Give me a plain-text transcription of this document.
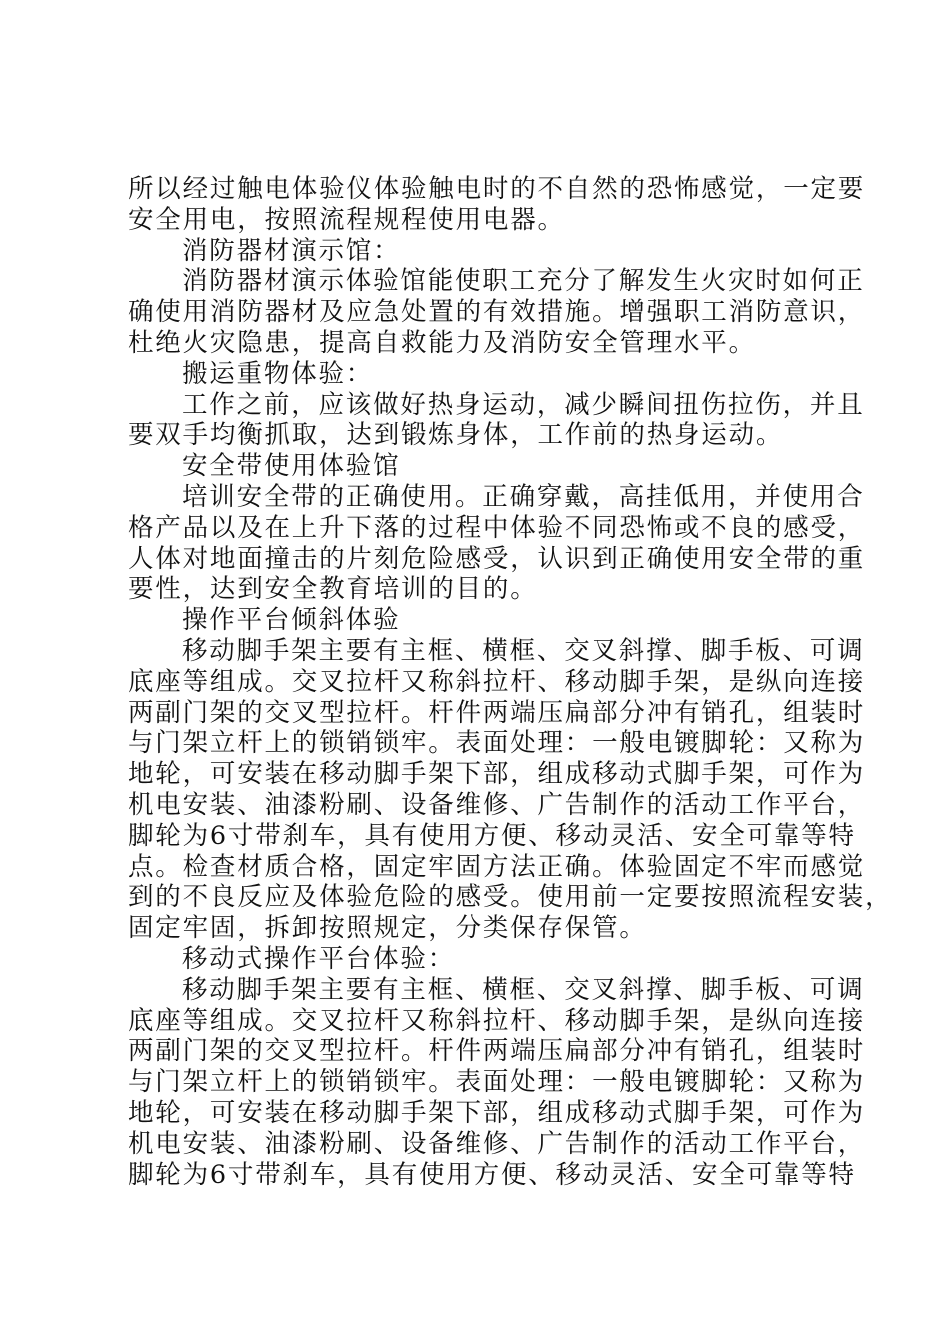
所以经过触电体验仪体验触电时的不自然的恐怖感觉，一定要
安全用电，按照流程规程使用电器。
消防器材演示馆：
消防器材演示体验馆能使职工充分了解发生火灾时如何正
确使用消防器材及应急处置的有效措施。增强职工消防意识，
杜绝火灾隐患，提高自救能力及消防安全管理水平。
搬运重物体验：
工作之前，应该做好热身运动，减少瞬间扭伤拉伤，并且
要双手均衡抓取，达到锻炼身体，工作前的热身运动。
安全带使用体验馆
培训安全带的正确使用。正确穿戴，高挂低用，并使用合
格产品以及在上升下落的过程中体验不同恐怖或不良的感受，
人体对地面撞击的片刻危险感受，认识到正确使用安全带的重
要性，达到安全教育培训的目的。
操作平台倾斜体验
移动脚手架主要有主框、横框、交叉斜撑、脚手板、可调
底座等组成。交叉拉杆又称斜拉杆、移动脚手架，是纵向连接
两副门架的交叉型拉杆。杆件两端压扁部分冲有销孔，组装时
与门架立杆上的锁销锁牢。表面处理：一般电镀脚轮：又称为
地轮，可安装在移动脚手架下部，组成移动式脚手架，可作为
机电安装、油漆粉刷、设备维修、广告制作的活动工作平台，
脚轮为6寸带刹车，具有使用方便、移动灵活、安全可靠等特
点。检查材质合格，固定牢固方法正确。体验固定不牢而感觉
到的不良反应及体验危险的感受。使用前一定要按照流程安装，
固定牢固，拆卸按照规定，分类保存保管。
移动式操作平台体验：
移动脚手架主要有主框、横框、交叉斜撑、脚手板、可调
底座等组成。交叉拉杆又称斜拉杆、移动脚手架，是纵向连接
两副门架的交叉型拉杆。杆件两端压扁部分冲有销孔，组装时
与门架立杆上的锁销锁牢。表面处理：一般电镀脚轮：又称为
地轮，可安装在移动脚手架下部，组成移动式脚手架，可作为
机电安装、油漆粉刷、设备维修、广告制作的活动工作平台，
脚轮为6寸带刹车，具有使用方便、移动灵活、安全可靠等特
